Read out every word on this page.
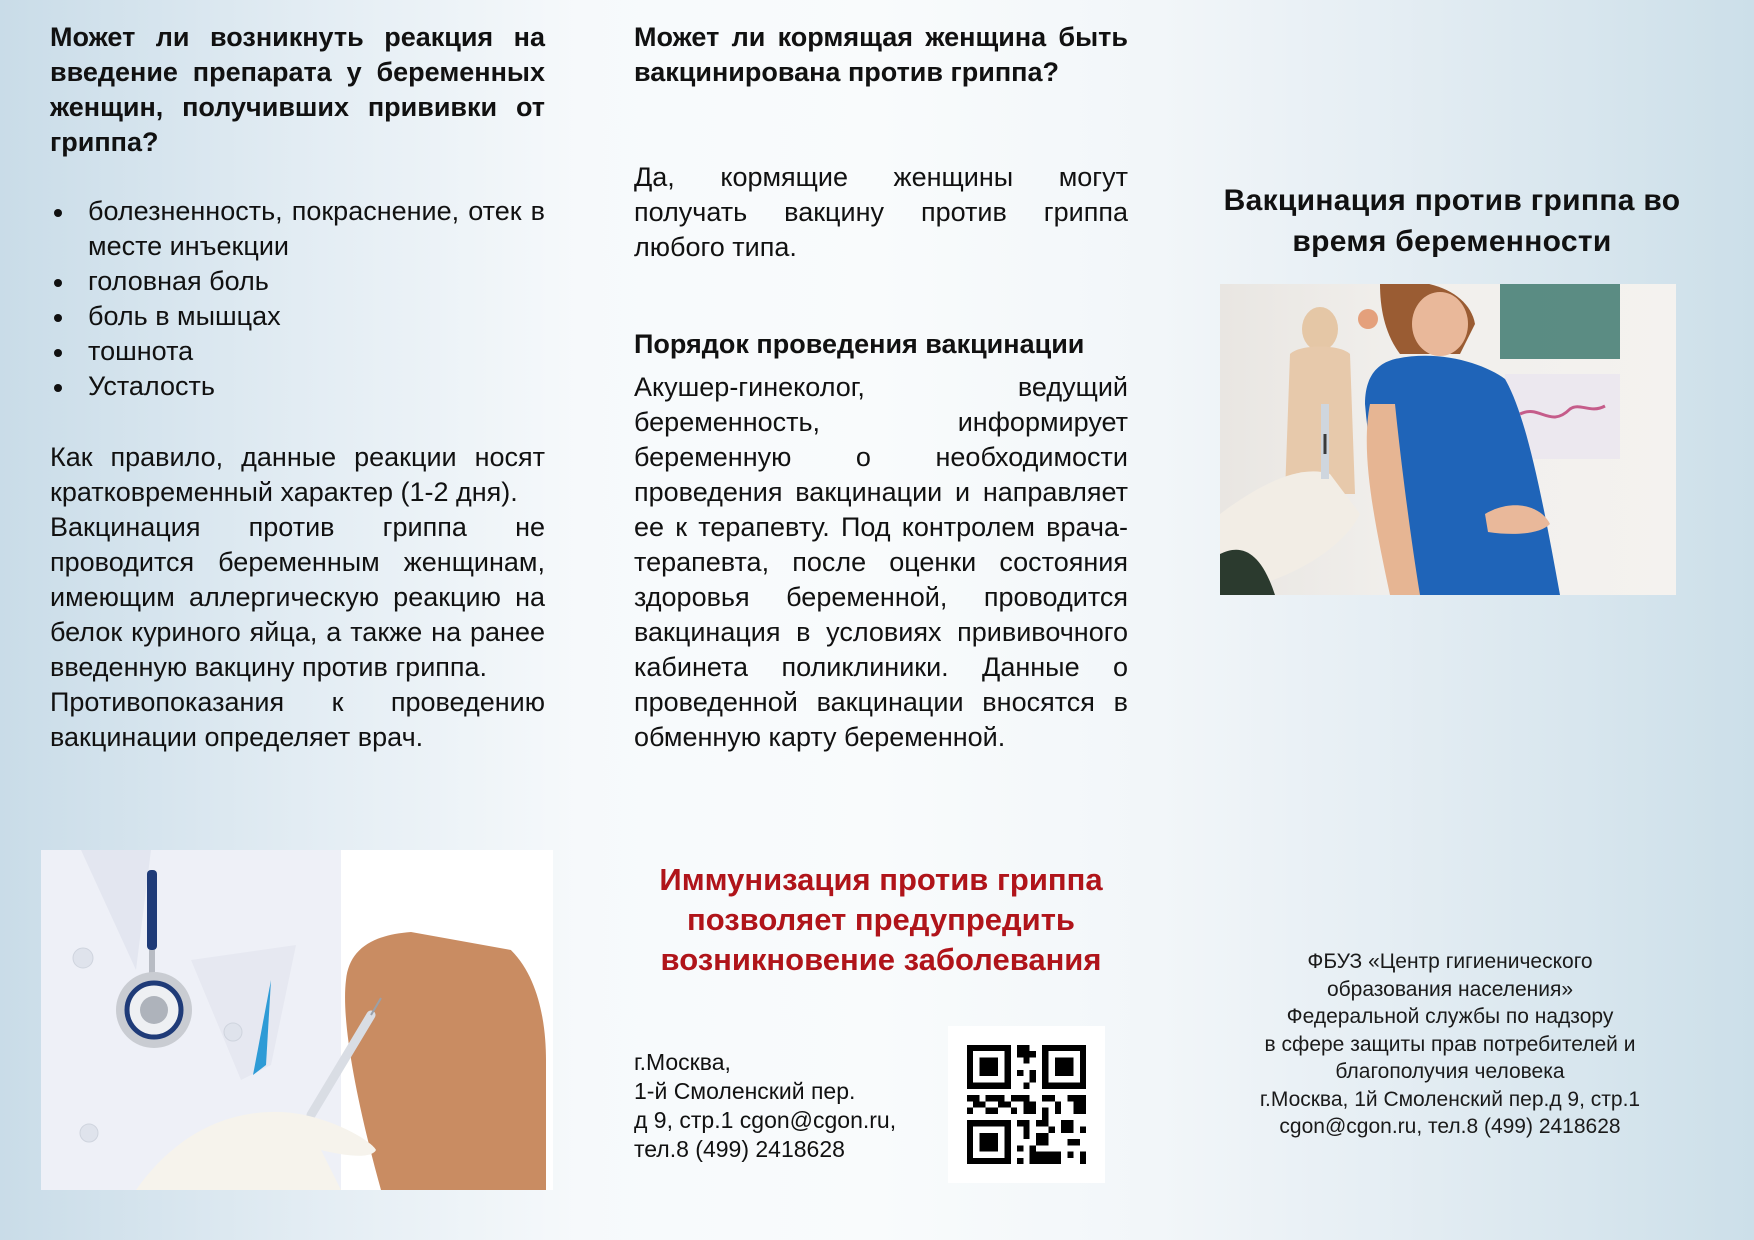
Может ли возникнуть реакция на введение препарата у беременных женщин, получивших прививки от гриппа?
болезненность, покраснение, отек в месте инъекции
головная боль
боль в мышцах
тошнота
Усталость

Как правило, данные реакции носят кратковременный характер (1-2 дня).

Вакцинация против гриппа не проводится беременным женщинам, имеющим аллергическую реакцию на белок куриного яйца, а также на ранее введенную вакцину против гриппа.

Противопоказания к проведению вакцинации определяет врач.

Может ли кормящая женщина быть вакцинирована против гриппа?

Да, кормящие женщины могут получать вакцину против гриппа любого типа.

Порядок проведения вакцинации

Акушер-гинеколог, ведущий беременность, информирует беременную о необходимости проведения вакцинации и направляет ее к терапевту. Под контролем врача-терапевта, после оценки состояния здоровья беременной, проводится вакцинация в условиях прививочного кабинета поликлиники. Данные о проведенной вакцинации вносятся в обменную карту беременной.

Иммунизация против гриппа
позволяет предупредить
возникновение заболевания
г.Москва,
1-й Смоленский пер.
д 9, стр.1 cgon@cgon.ru,
тел.8 (499) 2418628
Вакцинация против гриппа во
время беременности
ФБУЗ «Центр гигиенического
образования населения»
Федеральной службы по надзору
в сфере защиты прав потребителей и
благополучия человека
г.Москва, 1й Смоленский пер.д 9, стр.1
cgon@cgon.ru, тел.8 (499) 2418628
